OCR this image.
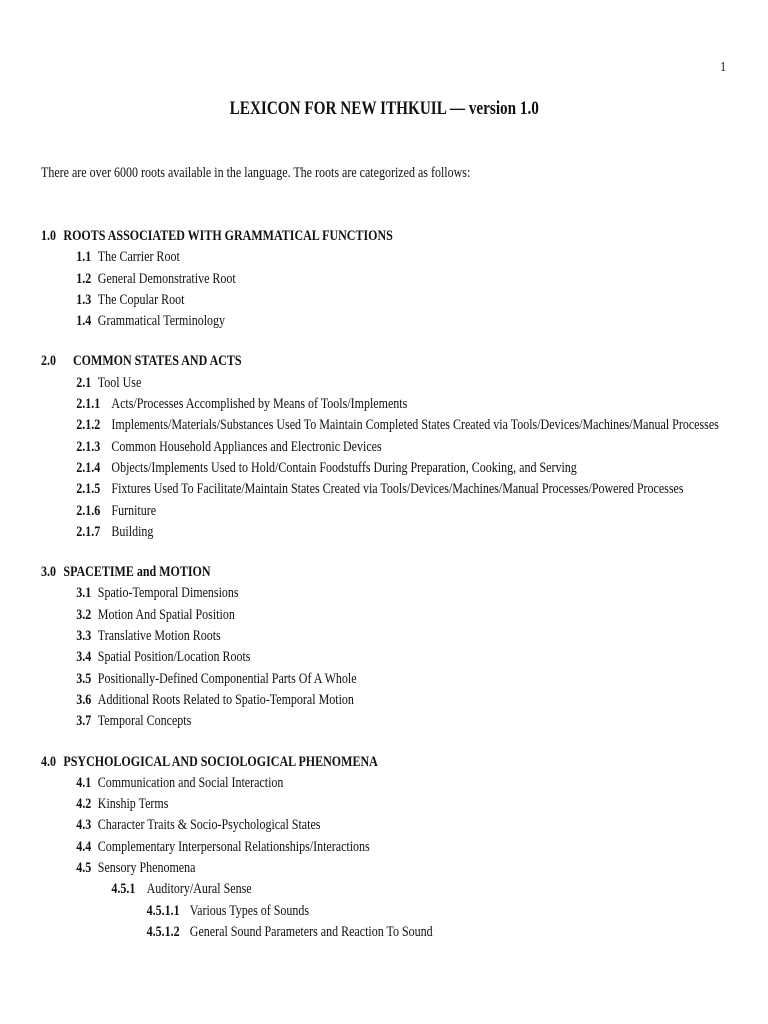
1
LEXICON FOR NEW ITHKUIL — version 1.0
There are over 6000 roots available in the language. The roots are categorized as follows:
1.0 ROOTS ASSOCIATED WITH GRAMMATICAL FUNCTIONS
1.1 The Carrier Root
1.2 General Demonstrative Root
1.3 The Copular Root
1.4 Grammatical Terminology
2.0	COMMON STATES AND ACTS
2.1 Tool Use
2.1.1 Acts/Processes Accomplished by Means of Tools/Implements
2.1.2 Implements/Materials/Substances Used To Maintain Completed States Created via Tools/Devices/Machines/Manual Processes
2.1.3 Common Household Appliances and Electronic Devices
2.1.4 Objects/Implements Used to Hold/Contain Foodstuffs During Preparation, Cooking, and Serving
2.1.5 Fixtures Used To Facilitate/Maintain States Created via Tools/Devices/Machines/Manual Processes/Powered Processes
2.1.6 Furniture
2.1.7 Building
3.0 SPACETIME and MOTION
3.1 Spatio-Temporal Dimensions
3.2 Motion And Spatial Position
3.3 Translative Motion Roots
3.4 Spatial Position/Location Roots
3.5 Positionally-Defined Componential Parts Of A Whole
3.6 Additional Roots Related to Spatio-Temporal Motion
3.7 Temporal Concepts
4.0 PSYCHOLOGICAL AND SOCIOLOGICAL PHENOMENA
4.1 Communication and Social Interaction
4.2 Kinship Terms
4.3 Character Traits & Socio-Psychological States
4.4 Complementary Interpersonal Relationships/Interactions
4.5 Sensory Phenomena
4.5.1 Auditory/Aural Sense
4.5.1.1 Various Types of Sounds
4.5.1.2 General Sound Parameters and Reaction To Sound
